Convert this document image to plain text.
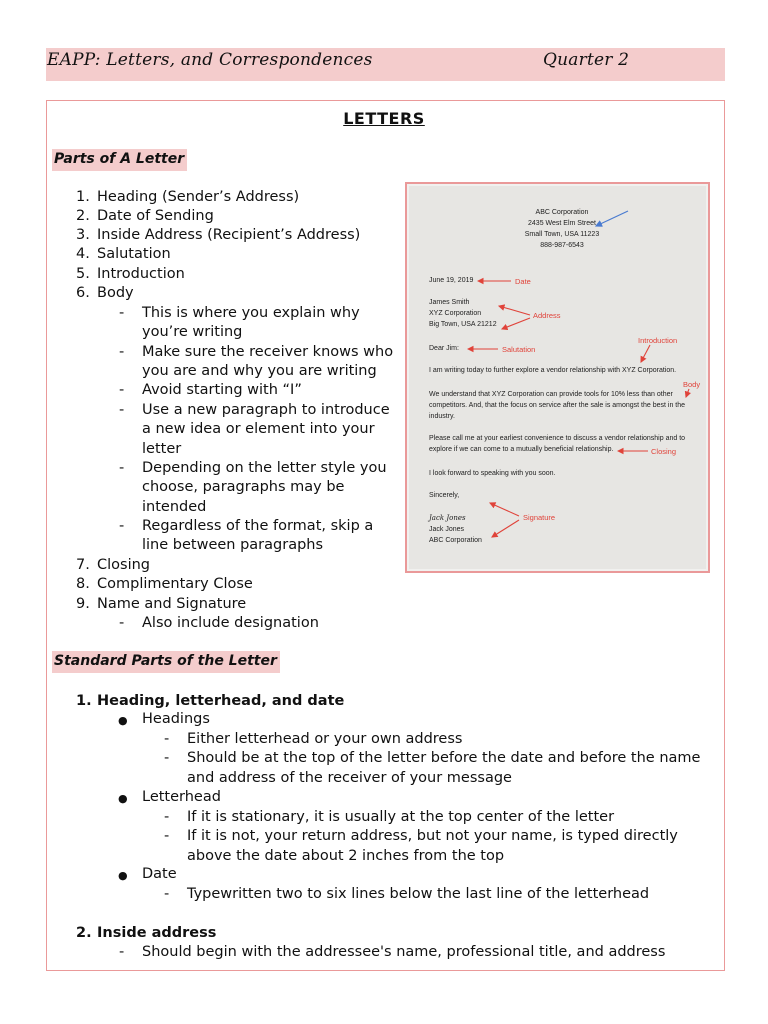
EAPP: Letters, and Correspondences	Quarter 2
LETTERS
Parts of A Letter
1. Heading (Sender’s Address)
2. Date of Sending
3. Inside Address (Recipient’s Address)
4. Salutation
5. Introduction
6. Body
- This is where you explain why
you’re writing
- Make sure the receiver knows who
you are and why you are writing
- Avoid starting with “I”
- Use a new paragraph to introduce
a new idea or element into your
letter
- Depending on the letter style you
choose, paragraphs may be
intended
- Regardless of the format, skip a
line between paragraphs
7. Closing
8. Complimentary Close
9. Name and Signature
- Also include designation
ABC Corporation
2435 West Elm Street
Small Town, USA 11223
888-987-6543
June 19, 2019	Date
James Smith
XYZ Corporation
Big Town, USA 21212
Address
Introduction
Dear Jim:	Salutation
I am writing today to further explore a vendor relationship with XYZ Corporation.
Body
We understand that XYZ Corporation can provide tools for 10% less than other
competitors. And, that the focus on service after the sale is amongst the best in the
industry.
Please call me at your earliest convenience to discuss a vendor relationship and to
explore if we can come to a mutually beneficial relationship.	Closing
I look forward to speaking with you soon.
Sincerely,
Jack Jones	Signature
Jack Jones
ABC Corporation
Standard Parts of the Letter
1. Heading, letterhead, and date
● Headings
- Either letterhead or your own address
- Should be at the top of the letter before the date and before the name
and address of the receiver of your message
● Letterhead
- If it is stationary, it is usually at the top center of the letter
- If it is not, your return address, but not your name, is typed directly
above the date about 2 inches from the top
● Date
- Typewritten two to six lines below the last line of the letterhead
2. Inside address
- Should begin with the addressee's name, professional title, and address
